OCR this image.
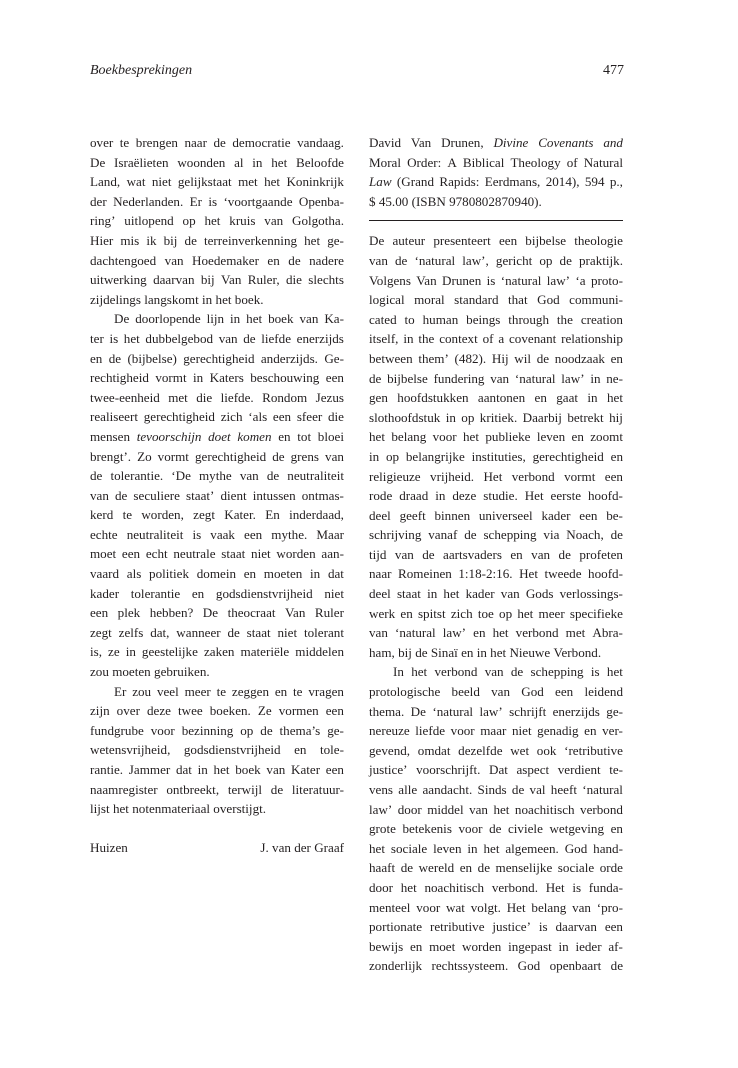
Boekbesprekingen	477
over te brengen naar de democratie vandaag.
De Israëlieten woonden al in het Beloofde
Land, wat niet gelijkstaat met het Koninkrijk
der Nederlanden. Er is ‘voortgaande Openba-
ring’ uitlopend op het kruis van Golgotha.
Hier mis ik bij de terreinverkenning het ge-
dachtengoed van Hoedemaker en de nadere
uitwerking daarvan bij Van Ruler, die slechts
zijdelings
langskomt
in
het
boek.
De doorlopende lijn in het boek van Ka-
ter is het dubbelgebod van de liefde enerzijds
en de (bijbelse) gerechtigheid anderzijds. Ge-
rechtigheid vormt in Katers beschouwing een
twee-eenheid met die liefde. Rondom Jezus
realiseert gerechtigheid zich ‘als een sfeer die
mensen tevoorschijn doet komen en tot bloei
brengt’. Zo vormt gerechtigheid de grens van
de tolerantie. ‘De mythe van de neutraliteit
van de seculiere staat’ dient intussen ontmas-
kerd te worden, zegt Kater. En inderdaad,
echte neutraliteit is vaak een mythe. Maar
moet een echt neutrale staat niet worden aan-
vaard als politiek domein en moeten in dat
kader tolerantie en godsdienstvrijheid niet
een plek hebben? De theocraat Van Ruler
zegt zelfs dat, wanneer de staat niet tolerant
is, ze in geestelijke zaken materiële middelen
zou
moeten
gebruiken.
Er zou veel meer te zeggen en te vragen
zijn over deze twee boeken. Ze vormen een
fundgrube voor bezinning op de thema’s ge-
wetensvrijheid, godsdienstvrijheid en tole-
rantie. Jammer dat in het boek van Kater een
naamregister ontbreekt, terwijl de literatuur-
lijst
het
notenmateriaal
overstijgt.
Huizen	J. van der Graaf
David Van Drunen, Divine Covenants and
Moral Order: A Biblical Theology of Natural
Law (Grand Rapids: Eerdmans, 2014), 594 p.,
$
45.00
(ISBN
9780802870940).
De auteur presenteert een bijbelse theologie
van de ‘natural law’, gericht op de praktijk.
Volgens Van Drunen is ‘natural law’ ‘a proto-
logical moral standard that God communi-
cated to human beings through the creation
itself, in the context of a covenant relationship
between them’ (482). Hij wil de noodzaak en
de bijbelse fundering van ‘natural law’ in ne-
gen hoofdstukken aantonen en gaat in het
slothoofdstuk in op kritiek. Daarbij betrekt hij
het belang voor het publieke leven en zoomt
in op belangrijke instituties, gerechtigheid en
religieuze vrijheid. Het verbond vormt een
rode draad in deze studie. Het eerste hoofd-
deel geeft binnen universeel kader een be-
schrijving vanaf de schepping via Noach, de
tijd van de aartsvaders en van de profeten
naar Romeinen 1:18-2:16. Het tweede hoofd-
deel staat in het kader van Gods verlossings-
werk en spitst zich toe op het meer specifieke
van ‘natural law’ en het verbond met Abra-
ham,
bij
de
Sinaï
en
in
het
Nieuwe
Verbond.
In het verbond van de schepping is het
protologische beeld van God een leidend
thema. De ‘natural law’ schrijft enerzijds ge-
nereuze liefde voor maar niet genadig en ver-
gevend, omdat dezelfde wet ook ‘retributive
justice’ voorschrijft. Dat aspect verdient te-
vens alle aandacht. Sinds de val heeft ‘natural
law’ door middel van het noachitisch verbond
grote betekenis voor de civiele wetgeving en
het sociale leven in het algemeen. God hand-
haaft de wereld en de menselijke sociale orde
door het noachitisch verbond. Het is funda-
menteel voor wat volgt. Het belang van ‘pro-
portionate retributive justice’ is daarvan een
bewijs en moet worden ingepast in ieder af-
zonderlijk rechtssysteem. God openbaart de
